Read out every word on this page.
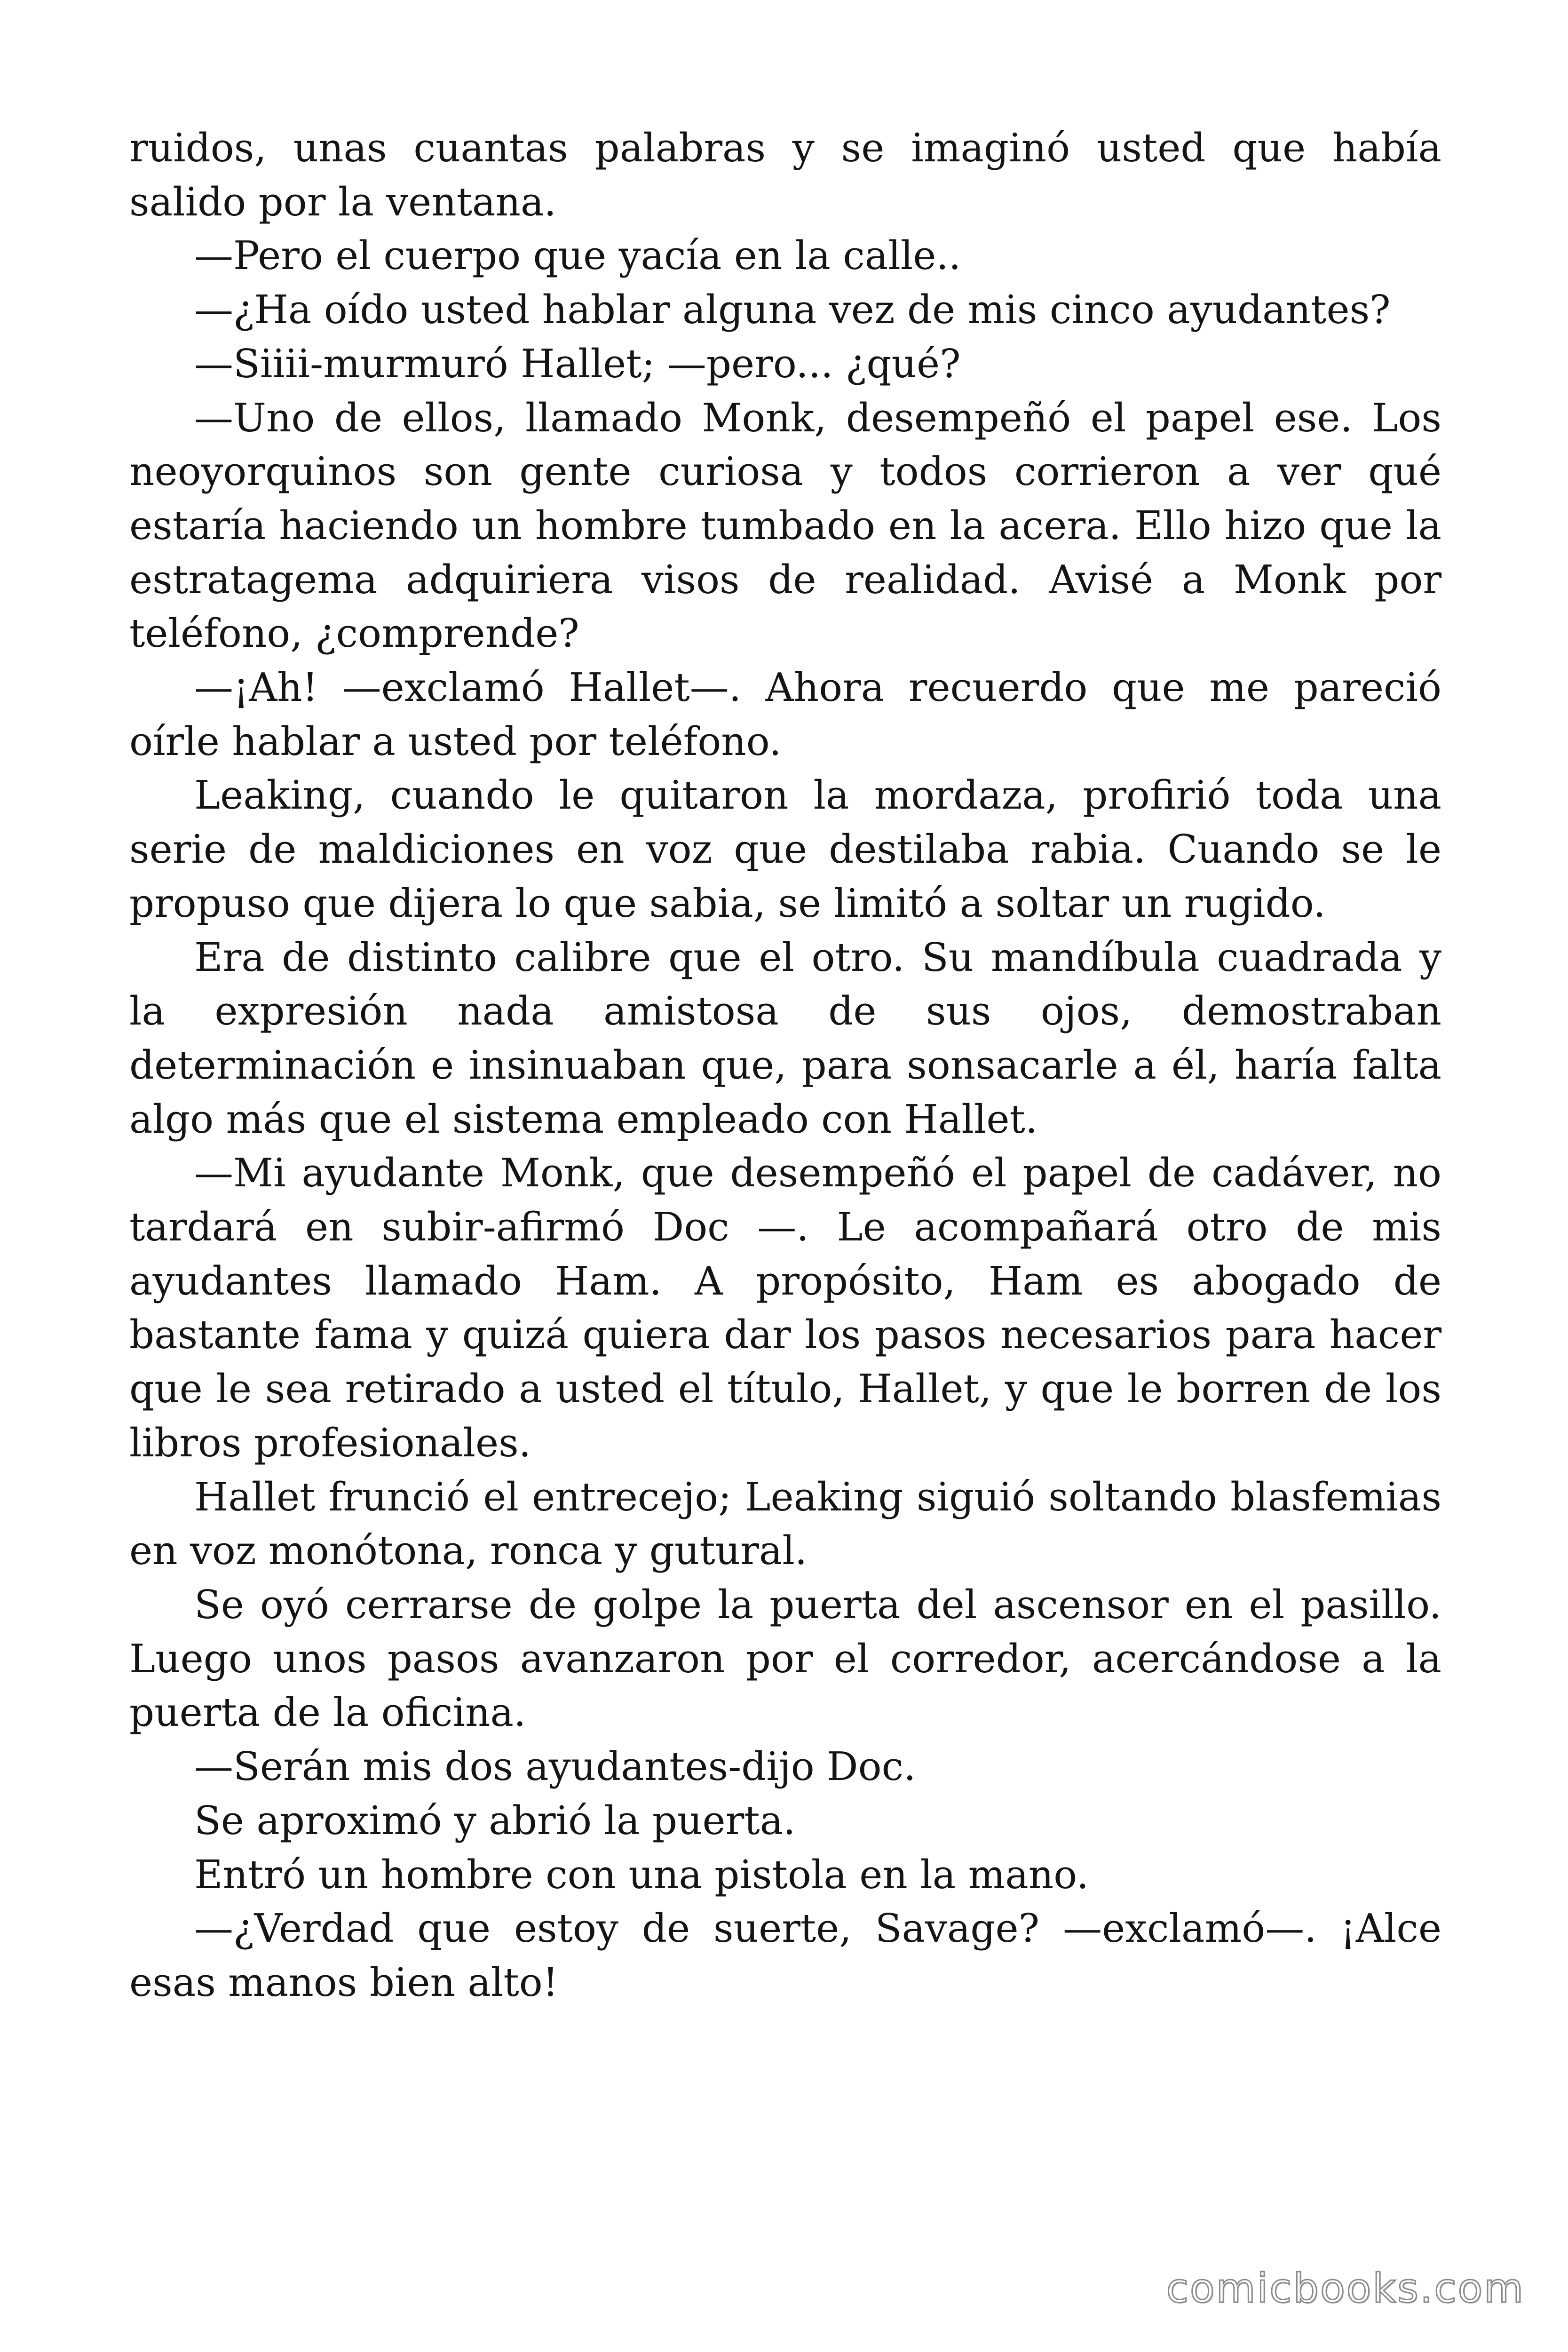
ruidos, unas cuantas palabras y se imaginó usted que había salido por la ventana.

—Pero el cuerpo que yacía en la calle..

—¿Ha oído usted hablar alguna vez de mis cinco ayudantes?

—Siiii-murmuró Hallet; —pero... ¿qué?

—Uno de ellos, llamado Monk, desempeñó el papel ese. Los neoyorquinos son gente curiosa y todos corrieron a ver qué estaría haciendo un hombre tumbado en la acera. Ello hizo que la estratagema adquiriera visos de realidad. Avisé a Monk por teléfono, ¿comprende?

—¡Ah! —exclamó Hallet—. Ahora recuerdo que me pareció oírle hablar a usted por teléfono.

Leaking, cuando le quitaron la mordaza, profirió toda una serie de maldiciones en voz que destilaba rabia. Cuando se le propuso que dijera lo que sabia, se limitó a soltar un rugido.

Era de distinto calibre que el otro. Su mandíbula cuadrada y la expresión nada amistosa de sus ojos, demostraban determinación e insinuaban que, para sonsacarle a él, haría falta algo más que el sistema empleado con Hallet.

—Mi ayudante Monk, que desempeñó el papel de cadáver, no tardará en subir-afirmó Doc —. Le acompañará otro de mis ayudantes llamado Ham. A propósito, Ham es abogado de bastante fama y quizá quiera dar los pasos necesarios para hacer que le sea retirado a usted el título, Hallet, y que le borren de los libros profesionales.

Hallet frunció el entrecejo; Leaking siguió soltando blasfemias en voz monótona, ronca y gutural.

Se oyó cerrarse de golpe la puerta del ascensor en el pasillo. Luego unos pasos avanzaron por el corredor, acercándose a la puerta de la oficina.

—Serán mis dos ayudantes-dijo Doc.

Se aproximó y abrió la puerta.

Entró un hombre con una pistola en la mano.

—¿Verdad que estoy de suerte, Savage? —exclamó—. ¡Alce esas manos bien alto!

comicbooks.com
